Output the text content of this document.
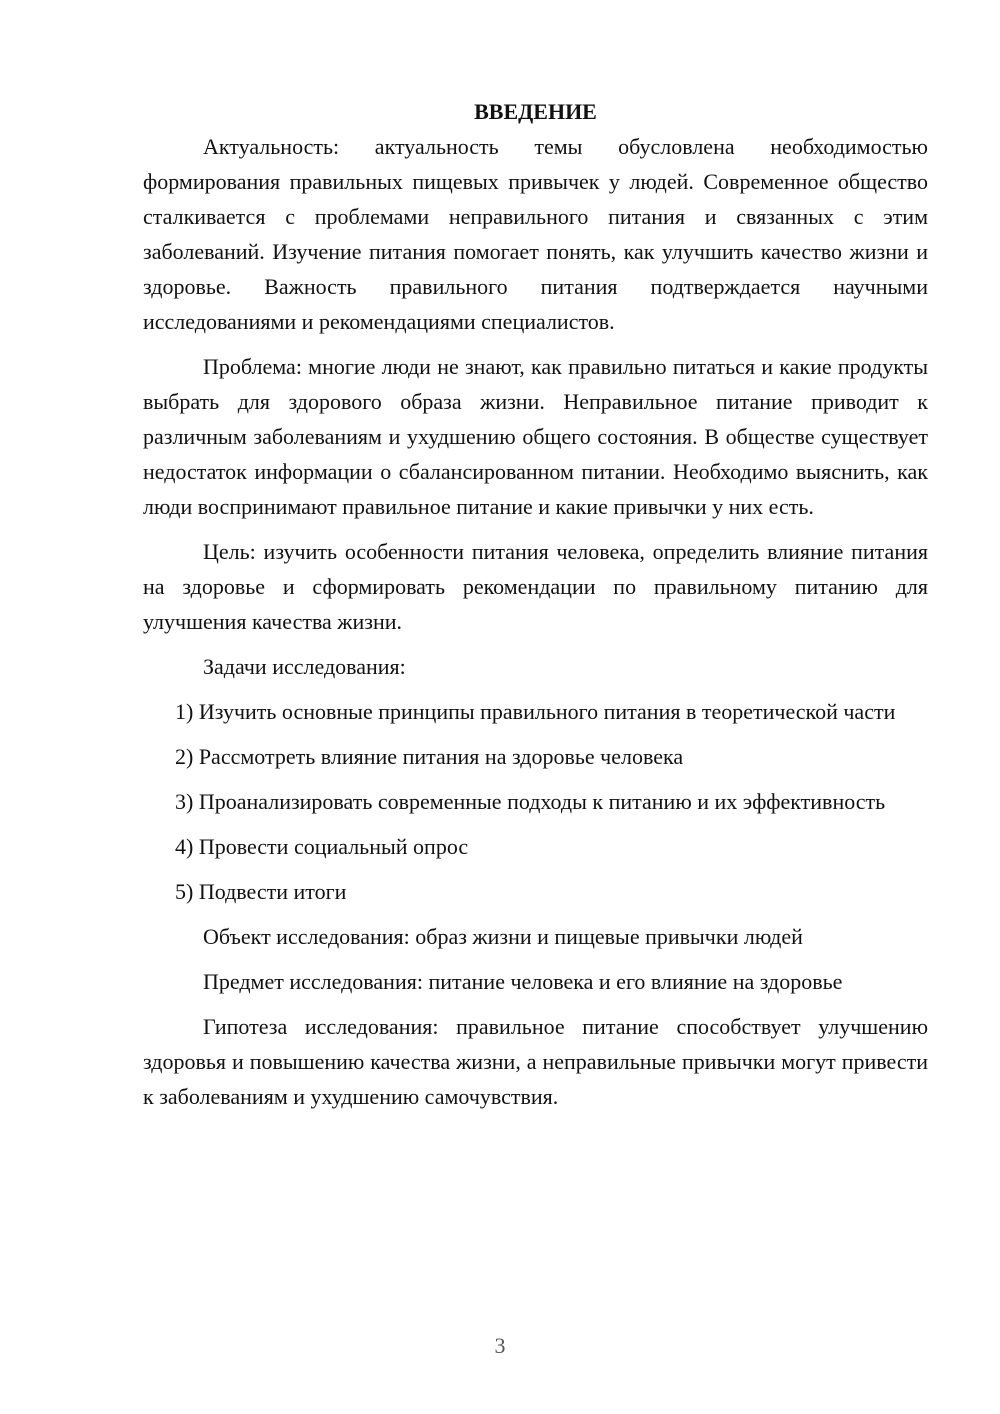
ВВЕДЕНИЕ

Актуальность: актуальность темы обусловлена необходимостью формирования правильных пищевых привычек у людей. Современное общество сталкивается с проблемами неправильного питания и связанных с этим заболеваний. Изучение питания помогает понять, как улучшить качество жизни и здоровье. Важность правильного питания подтверждается научными исследованиями и рекомендациями специалистов.

Проблема: многие люди не знают, как правильно питаться и какие продукты выбрать для здорового образа жизни. Неправильное питание приводит к различным заболеваниям и ухудшению общего состояния. В обществе существует недостаток информации о сбалансированном питании. Необходимо выяснить, как люди воспринимают правильное питание и какие привычки у них есть.

Цель: изучить особенности питания человека, определить влияние питания на здоровье и сформировать рекомендации по правильному питанию для улучшения качества жизни.

Задачи исследования:

1) Изучить основные принципы правильного питания в теоретической части

2) Рассмотреть влияние питания на здоровье человека

3) Проанализировать современные подходы к питанию и их эффективность

4) Провести социальный опрос

5) Подвести итоги

Объект исследования: образ жизни и пищевые привычки людей

Предмет исследования: питание человека и его влияние на здоровье

Гипотеза исследования: правильное питание способствует улучшению здоровья и повышению качества жизни, а неправильные привычки могут привести к заболеваниям и ухудшению самочувствия.

3
